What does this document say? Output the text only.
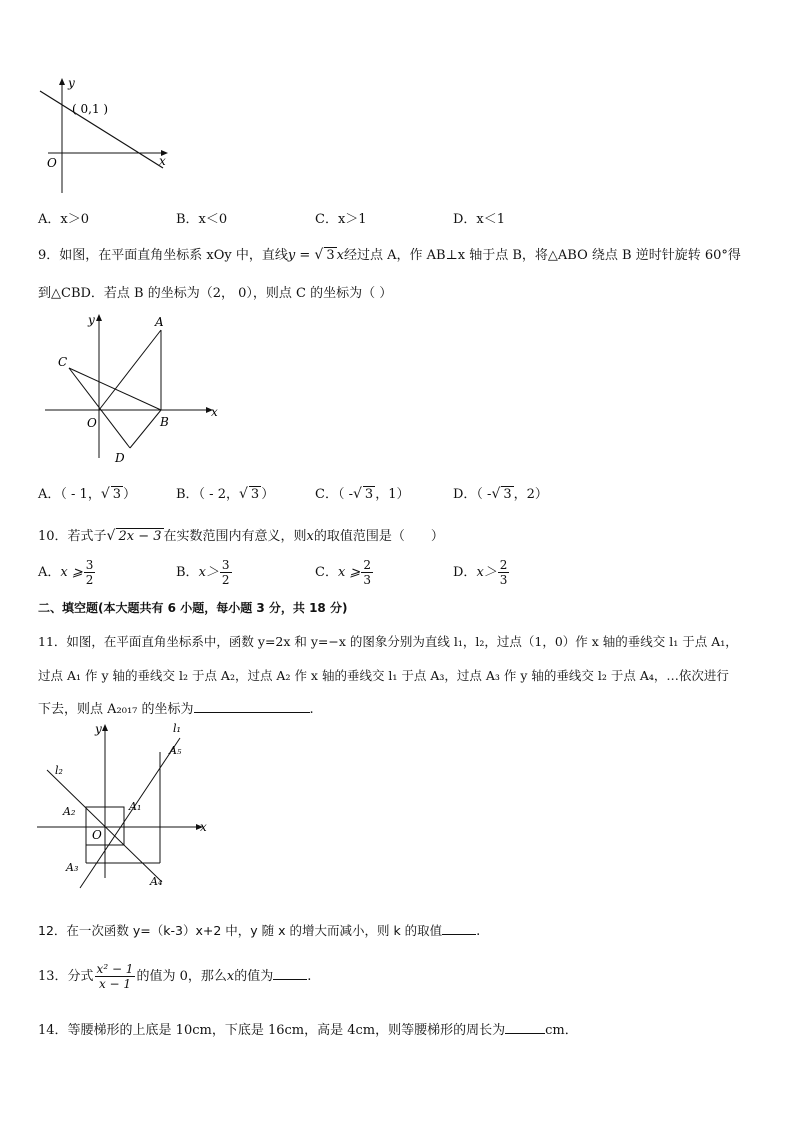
y
x
O
( 0,1 )
A．x＞0	B．x＜0	C．x＞1	D．x＜1
9．如图，在平面直角坐标系 xOy 中，直线y = √ 3 x经过点 A，作 AB⊥x 轴于点 B，将△ABO 绕点 B 逆时针旋转 60°得
到△CBD．若点 B 的坐标为（2， 0），则点 C 的坐标为（ ）
y
x
A
B
C
O
D
A．（ - 1，√ 3 ）	B．（ - 2，√ 3 ）	C．（ -√ 3 ，1）	D．（ -√ 3 ，2）
10．若式子√ 2x − 3 在实数范围内有意义，则x的取值范围是（　　）
A．x ⩾ $\frac{3}{2}$	B．$x> \frac{3}{2}$	C．x ⩾ $\frac{2}{3}$	D．$x> \frac{2}{3}$
二、填空题(本大题共有 6 小题，每小题 3 分，共 18 分)
11．如图，在平面直角坐标系中，函数 y=2x 和 y=−x 的图象分别为直线 l₁，l₂，过点（1，0）作 x 轴的垂线交 l₁ 于点 A₁，
过点 A₁ 作 y 轴的垂线交 l₂ 于点 A₂，过点 A₂ 作 x 轴的垂线交 l₁ 于点 A₃，过点 A₃ 作 y 轴的垂线交 l₂ 于点 A₄，…依次进行
下去，则点 A₂₀₁₇ 的坐标为	.
y
x
l₁
l₂
A₅
A₁
A₂
O
A₃
A₄
12．在一次函数 y=（k-3）x+2 中，y 随 x 的增大而减小，则 k 的取值	.
13．分式 $\frac{\text{x² − 1}}{x - 1}$ 的值为 0，那么x的值为	.
14．等腰梯形的上底是 10cm，下底是 16cm，高是 4cm，则等腰梯形的周长为	cm．
